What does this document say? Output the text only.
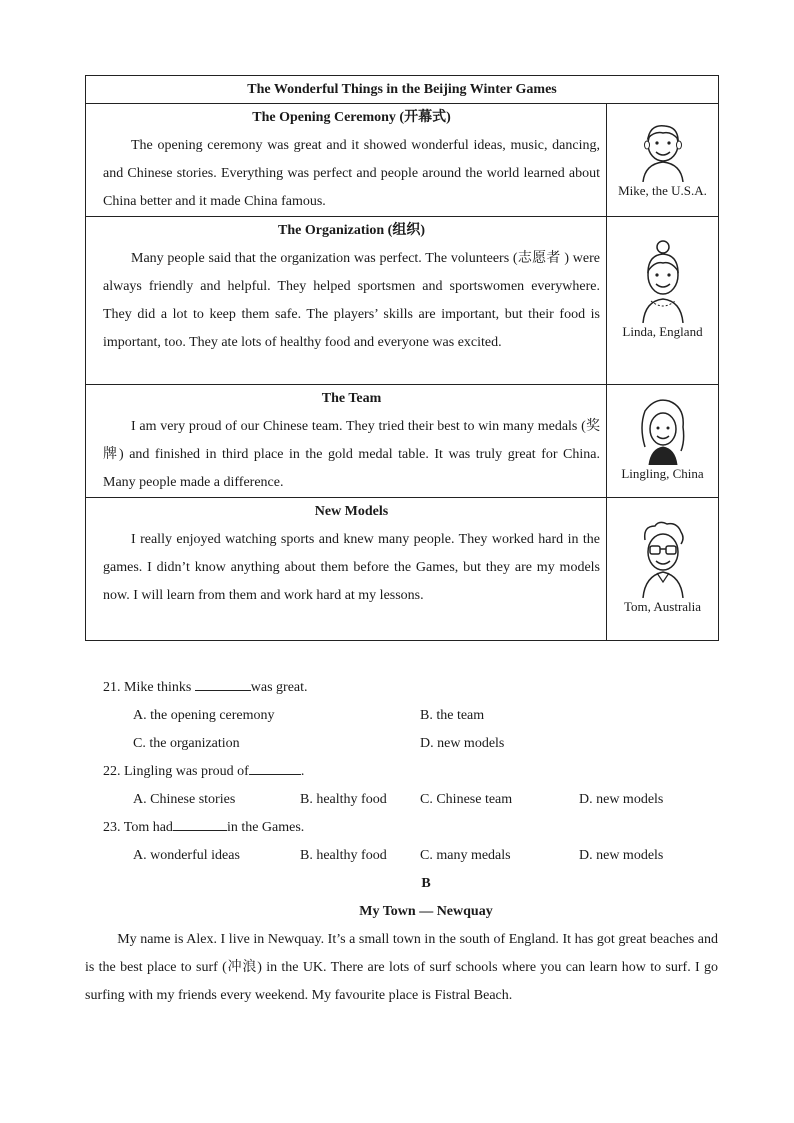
The Wonderful Things in the Beijing Winter Games	

The Opening Ceremony (开幕式)

The opening ceremony was great and it showed wonderful ideas, music, dancing, and Chinese stories. Everything was perfect and people around the world learned about China better and it made China famous.	Mike, the U.S.A.

The Organization (组织)

Many people said that the organization was perfect. The volunteers (志愿者 ) were always friendly and helpful. They helped sportsmen and sportswomen everywhere. They did a lot to keep them safe. The players’ skills are important, but their food is important, too. They ate lots of healthy food and everyone was excited.	Linda, England

The Team

I am very proud of our Chinese team. They tried their best to win many medals (奖牌) and finished in third place in the gold medal table. It was truly great for China. Many people made a difference.	Lingling, China

New Models

I really enjoyed watching sports and knew many people. They worked hard in the games. I didn’t know anything about them before the Games, but they are my models now. I will learn from them and work hard at my lessons.	Tom, Australia
21. Mike thinks	was great.
A. the opening ceremony	B. the team
C. the organization	D. new models
22. Lingling was proud of	.
A. Chinese stories	B. healthy food C. Chinese team	D. new models
23. Tom had	in the Games.
A. wonderful ideas	B. healthy food C. many medals	D. new models
B
My Town — Newquay

My name is Alex. I live in Newquay. It’s a small town in the south of England. It has got great beaches and is the best place to surf (冲浪) in the UK. There are lots of surf schools where you can learn how to surf. I go surfing with my friends every weekend. My favourite place is Fistral Beach.
